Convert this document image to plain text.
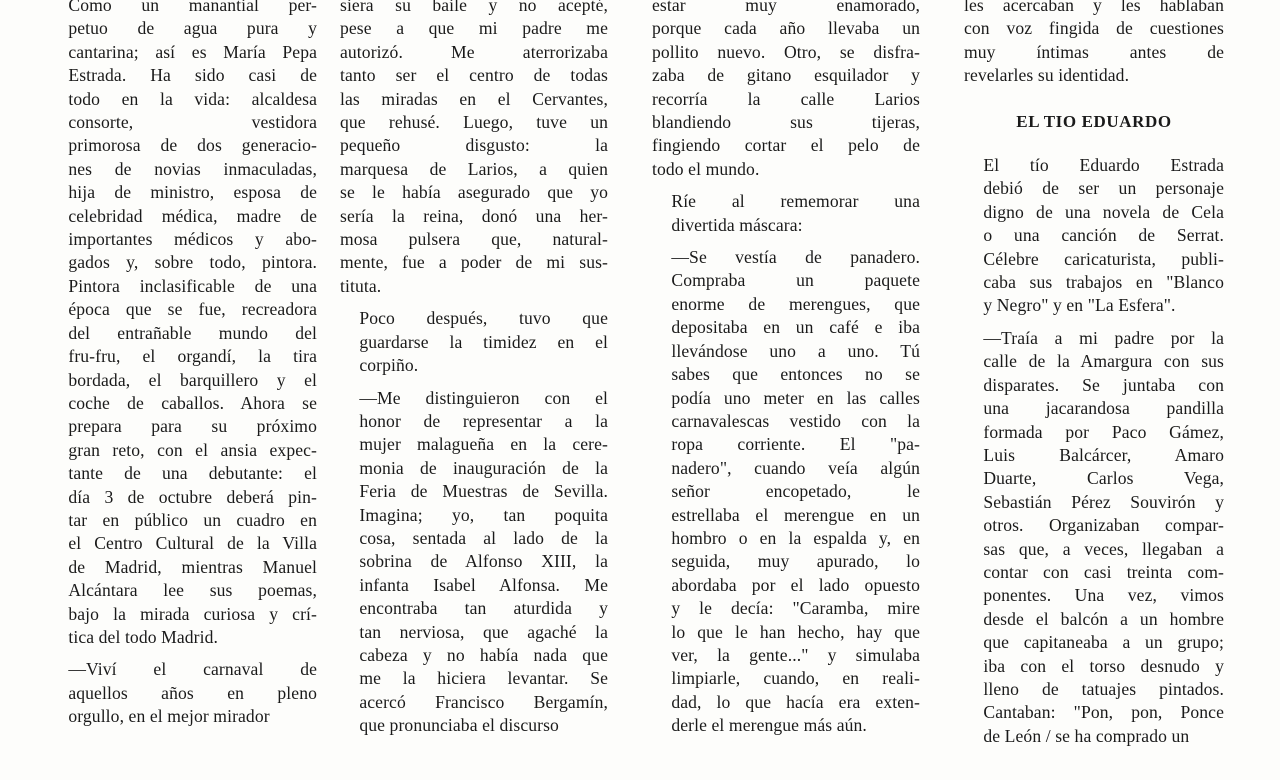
Como un manantial per-
petuo de agua pura y
cantarina; así es María Pepa
Estrada. Ha sido casi de
todo en la vida: alcaldesa
consorte, vestidora
primorosa de dos generacio-
nes de novias inmaculadas,
hija de ministro, esposa de
celebridad médica, madre de
importantes médicos y abo-
gados y, sobre todo, pintora.
Pintora inclasificable de una
época que se fue, recreadora
del entrañable mundo del
fru-fru, el organdí, la tira
bordada, el barquillero y el
coche de caballos. Ahora se
prepara para su próximo
gran reto, con el ansia expec-
tante de una debutante: el
día 3 de octubre deberá pin-
tar en público un cuadro en
el Centro Cultural de la Villa
de Madrid, mientras Manuel
Alcántara lee sus poemas,
bajo la mirada curiosa y crí-
tica del todo Madrid.

—Viví el carnaval de
aquellos años en pleno
orgullo, en el mejor mirador

siera su baile y no acepté,
pese a que mi padre me
autorizó. Me aterrorizaba
tanto ser el centro de todas
las miradas en el Cervantes,
que rehusé. Luego, tuve un
pequeño disgusto: la
marquesa de Larios, a quien
se le había asegurado que yo
sería la reina, donó una her-
mosa pulsera que, natural-
mente, fue a poder de mi sus-
tituta.

Poco después, tuvo que
guardarse la timidez en el
corpiño.

—Me distinguieron con el
honor de representar a la
mujer malagueña en la cere-
monia de inauguración de la
Feria de Muestras de Sevilla.
Imagina; yo, tan poquita
cosa, sentada al lado de la
sobrina de Alfonso XIII, la
infanta Isabel Alfonsa. Me
encontraba tan aturdida y
tan nerviosa, que agaché la
cabeza y no había nada que
me la hiciera levantar. Se
acercó Francisco Bergamín,
que pronunciaba el discurso

estar muy enamorado,
porque cada año llevaba un
pollito nuevo. Otro, se disfra-
zaba de gitano esquilador y
recorría la calle Larios
blandiendo sus tijeras,
fingiendo cortar el pelo de
todo el mundo.

Ríe al rememorar una
divertida máscara:

—Se vestía de panadero.
Compraba un paquete
enorme de merengues, que
depositaba en un café e iba
llevándose uno a uno. Tú
sabes que entonces no se
podía uno meter en las calles
carnavalescas vestido con la
ropa corriente. El "pa-
nadero", cuando veía algún
señor encopetado, le
estrellaba el merengue en un
hombro o en la espalda y, en
seguida, muy apurado, lo
abordaba por el lado opuesto
y le decía: "Caramba, mire
lo que le han hecho, hay que
ver, la gente..." y simulaba
limpiarle, cuando, en reali-
dad, lo que hacía era exten-
derle el merengue más aún.

les acercaban y les hablaban
con voz fingida de cuestiones
muy íntimas antes de
revelarles su identidad.

EL TIO EDUARDO

El tío Eduardo Estrada
debió de ser un personaje
digno de una novela de Cela
o una canción de Serrat.
Célebre caricaturista, publi-
caba sus trabajos en "Blanco
y Negro" y en "La Esfera".

—Traía a mi padre por la
calle de la Amargura con sus
disparates. Se juntaba con
una jacarandosa pandilla
formada por Paco Gámez,
Luis Balcárcer, Amaro
Duarte, Carlos Vega,
Sebastián Pérez Souvirón y
otros. Organizaban compar-
sas que, a veces, llegaban a
contar con casi treinta com-
ponentes. Una vez, vimos
desde el balcón a un hombre
que capitaneaba a un grupo;
iba con el torso desnudo y
lleno de tatuajes pintados.
Cantaban: "Pon, pon, Ponce
de León / se ha comprado un
